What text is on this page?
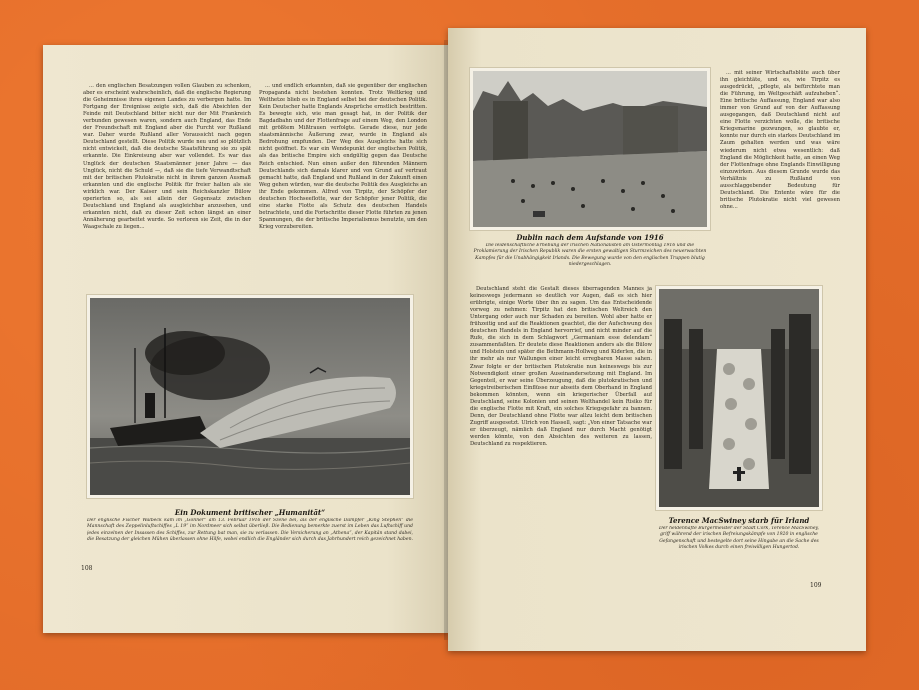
... den englischen Besatzungen vollen Glauben zu schenken, aber es erscheint wahrscheinlich, daß die englische Regierung die Geheimnisse ihres eigenen Landes zu verbergen hatte. Im Fortgang der Ereignisse zeigte sich, daß die Absichten der Feinde mit Deutschland bitter nicht nur der Mit Frankreich verbunden gewesen waren, sondern auch England, das Ende der Freundschaft mit England aber die Furcht vor Rußland war. Daher wurde Rußland aller Voraussicht nach gegen Deutschland gestellt. Diese Politik wurde neu und so plötzlich nicht entwickelt, daß die deutsche Staatsführung sie zu spät erkannte. Die Einkreisung aber war vollendet. Es war das Unglück der deutschen Staatsmänner jener Jahre — das Unglück, nicht die Schuld —, daß sie die tiefe Verwandtschaft mit der britischen Plutokratie nicht in ihrem ganzen Ausmaß erkannten und die englische Politik für freier halten als sie wirklich war. Der Kaiser und sein Reichskanzler Bülow operierten so, als sei allein der Gegensatz zwischen Deutschland und England als ausgleichbar anzusehen, und erkannten nicht, daß zu dieser Zeit schon längst an einer Annäherung gearbeitet wurde. So verloren sie Zeit, die in der Waagschale zu liegen...

... und endlich erkannten, daß sie gegenüber der englischen Propaganda nicht bestehen konnten. Trotz Weltkrieg und Welthetze blieb es in England selbst bei der deutschen Politik. Kein Deutscher hatte Englands Ansprüche ernstlich bestritten. Es bewegte sich, wie man gesagt hat, in der Politik der Bagdadbahn und der Flottenfrage auf einem Weg, den London mit größtem Mißtrauen verfolgte. Gerade diese, nur jede staatsmännische Äußerung zwar, wurde in England als Bedrohung empfunden. Der Weg des Ausgleichs hatte sich nicht geöffnet. Es war ein Wendepunkt der englischen Politik, als das britische Empire sich endgültig gegen das Deutsche Reich entschied. Nun einen außer den führenden Männern Deutschlands sich damals klarer und von Grund auf vertraut gemacht hatte, daß England und Rußland in der Zukunft einen Weg gehen würden, war die deutsche Politik des Ausgleichs an ihr Ende gekommen. Alfred von Tirpitz, der Schöpfer der deutschen Hochseeflotte, war der Schöpfer jener Politik, die eine starke Flotte als Schutz des deutschen Handels betrachtete, und die Fortschritte dieser Flotte führten zu jenen Spannungen, die der britische Imperialismus benutzte, um den Krieg vorzubereiten.

Ein Dokument britischer „Humanität“
Der englische Fischer Walbeck kam im „Gönner“ am 13. Februar 1916 der Szene bei, als der englische Dampfer „King Stephen“ die Mannschaft des Zeppelinluftschiffes „L 19“ im Nordmeer sich selbst überließ. Die Bedienung bemerkte zuerst im Leben das Luftschiff und jedes einzelnen der Insassen des Schiffes, zur Rettung bat man, sie zu verlassen. Die Versicherung an „Athena“, der Kapitän stand dabei, die Besatzung der gleichen Mühen überlassen ohne Hilfe, wobei endlich die Engländer sich durch das Jahrhundert reich gezeichnet haben.
108
Dublin nach dem Aufstande von 1916
Die leidenschaftliche Erhebung der irischen Nationalisten am Ostermontag 1916 und die Proklamierung der Irischen Republik waren die ersten gewaltigen Sturmzeichen des neuerwachten Kampfes für die Unabhängigkeit Irlands. Die Bewegung wurde von den englischen Truppen blutig niedergeschlagen.

... mit seiner Wirtschaftsblüte auch über ihn gleichtäte, und es, wie Tirpitz es ausgedrückt, „pflegte, als befürchtete man die Führung, im Weltgeschäft aufzuheben“. Eine britische Auffassung, England war also immer von Grund auf von der Auffassung ausgegangen, daß Deutschland nicht auf eine Flotte verzichten wolle, die britische Kriegsmarine gezwungen, so glaubte er, konnte nur durch ein starkes Deutschland im Zaum gehalten werden und was wäre wiederum nicht etwa wesentlich: daß England die Möglichkeit hatte, an einen Weg der Flottenfrage ohne Englands Einwilligung einzuwirken. Aus diesem Grunde wurde das Verhältnis zu Rußland von ausschlaggebender Bedeutung für Deutschland. Die Entente wäre für die britische Plutokratie nicht viel gewesen ohne...

Deutschland steht die Gestalt dieses überragenden Mannes ja keineswegs jedermann so deutlich vor Augen, daß es sich hier erübrigte, einige Worte über ihn zu sagen. Um das Entscheidende vorweg zu nehmen: Tirpitz hat den britischen Weltreich den Untergang oder auch nur Schaden zu bereiten. Wohl aber hatte er frühzeitig und auf die Reaktionen geachtet, die der Aufschwung des deutschen Handels in England hervorrief, und nicht minder auf die Rufe, die sich in dem Schlagwort „Germaniam esse delendam“ zusammenfaßten. Er deutete diese Reaktionen anders als die Bülow und Holstein und später die Bethmann-Hollweg und Kiderlen, die in ihr mehr als nur Wallungen einer leicht erregbaren Masse sahen. Zwar folgte er der britischen Plutokratie nun keineswegs bis zur Notwendigkeit einer großen Auseinandersetzung mit England. Im Gegenteil, er war seine Überzeugung, daß die plutokratischen und kriegstreiberischen Einflüsse nur abseits dem Oberhand in England bekommen könnten, wenn ein kriegerischer Überfall auf Deutschland, seine Kolonien und seinen Welthandel kein Risiko für die englische Flotte mit Kraft, ein solches Kriegsgefahr zu bannen. Denn, der Deutschland ohne Flotte war allzu leicht dem britischen Zugriff ausgesetzt. Ulrich von Hassell, sagt: „Von einer Tatsache war er überzeugt, nämlich daß England nur durch Macht genötigt werden könnte, von den Absichten des weiteren zu lassen, Deutschland zu respektieren.

Terence MacSwiney starb für Irland
Der heldenhafte Bürgermeister der Stadt Cork, Terence MacSwiney, griff während der irischen Befreiungskämpfe von 1920 in englische Gefangenschaft und bestegelte dort seine Hingabe an die Sache des irischen Volkes durch einen freiwilligen Hungertod.
109
